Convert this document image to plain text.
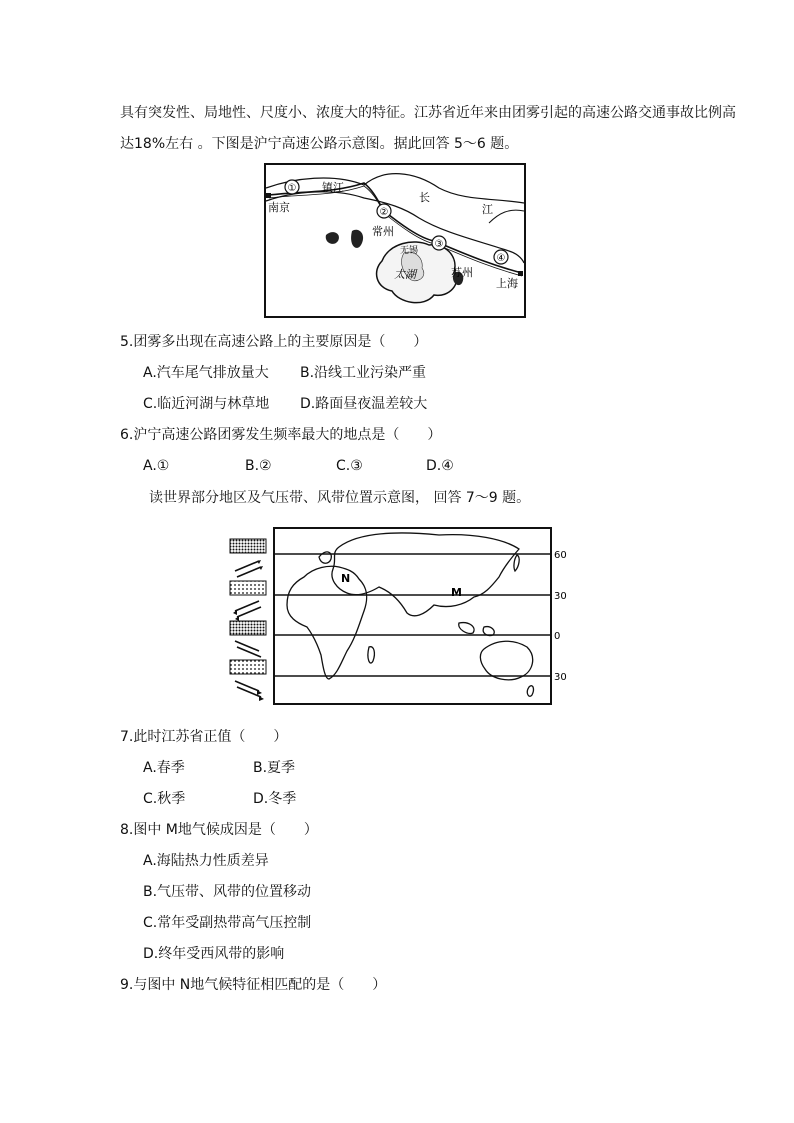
具有突发性、局地性、尺度小、浓度大的特征。江苏省近年来由团雾引起的高速公路交通事故比例高
达18%左右 。下图是沪宁高速公路示意图。据此回答 5～6 题。
南京
镇江
长
江
常州
无锡
太湖	苏州
上海
①
②
③
④
5.团雾多出现在高速公路上的主要原因是（　　）
A.汽车尾气排放量大 B.沿线工业污染严重
C.临近河湖与林草地 D.路面昼夜温差较大
6.沪宁高速公路团雾发生频率最大的地点是（　　）
A.①	B.②	C.③	D.④
读世界部分地区及气压带、风带位置示意图， 回答 7～9 题。
M
N
60
30
0
30
7.此时江苏省正值（　　）
A.春季	B.夏季
C.秋季	D.冬季
8.图中 M地气候成因是（　　）
A.海陆热力性质差异
B.气压带、风带的位置移动
C.常年受副热带高气压控制
D.终年受西风带的影响
9.与图中 N地气候特征相匹配的是（　　）
